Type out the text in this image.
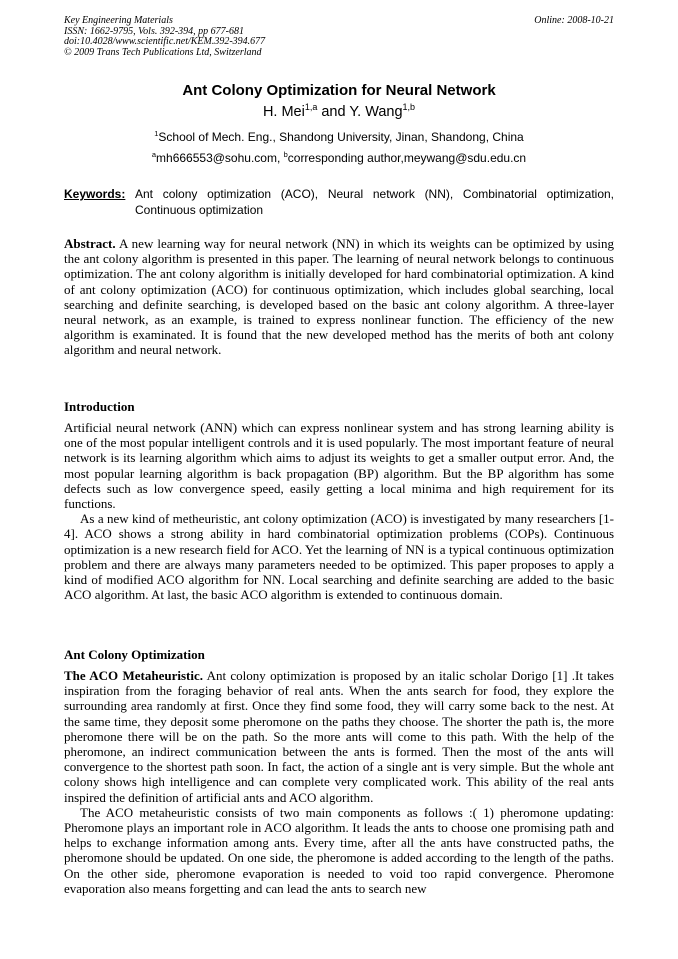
Key Engineering Materials
ISSN: 1662-9795, Vols. 392-394, pp 677-681
doi:10.4028/www.scientific.net/KEM.392-394.677
© 2009 Trans Tech Publications Ltd, Switzerland
Online: 2008-10-21
Ant Colony Optimization for Neural Network
H. Mei$^{1,a}$ and Y. Wang$^{1,b}$
$^1$School of Mech. Eng., Shandong University, Jinan, Shandong, China
$^a$mh666553@sohu.com, $^b$corresponding author,meywang@sdu.edu.cn
Keywords: Ant colony optimization (ACO), Neural network (NN), Combinatorial optimization, Continuous optimization

Abstract. A new learning way for neural network (NN) in which its weights can be optimized by using the ant colony algorithm is presented in this paper. The learning of neural network belongs to continuous optimization. The ant colony algorithm is initially developed for hard combinatorial optimization. A kind of ant colony optimization (ACO) for continuous optimization, which includes global searching, local searching and definite searching, is developed based on the basic ant colony algorithm. A three-layer neural network, as an example, is trained to express nonlinear function. The efficiency of the new algorithm is examinated. It is found that the new developed method has the merits of both ant colony algorithm and neural network.

Introduction

Artificial neural network (ANN) which can express nonlinear system and has strong learning ability is one of the most popular intelligent controls and it is used popularly. The most important feature of neural network is its learning algorithm which aims to adjust its weights to get a smaller output error. And, the most popular learning algorithm is back propagation (BP) algorithm. But the BP algorithm has some defects such as low convergence speed, easily getting a local minima and high requirement for its functions.

As a new kind of metheuristic, ant colony optimization (ACO) is investigated by many researchers [1-4]. ACO shows a strong ability in hard combinatorial optimization problems (COPs). Continuous optimization is a new research field for ACO. Yet the learning of NN is a typical continuous optimization problem and there are always many parameters needed to be optimized. This paper proposes to apply a kind of modified ACO algorithm for NN. Local searching and definite searching are added to the basic ACO algorithm. At last, the basic ACO algorithm is extended to continuous domain.

Ant Colony Optimization

The ACO Metaheuristic. Ant colony optimization is proposed by an italic scholar Dorigo [1] .It takes inspiration from the foraging behavior of real ants. When the ants search for food, they explore the surrounding area randomly at first. Once they find some food, they will carry some back to the nest. At the same time, they deposit some pheromone on the paths they choose. The shorter the path is, the more pheromone there will be on the path. So the more ants will come to this path. With the help of the pheromone, an indirect communication between the ants is formed. Then the most of the ants will convergence to the shortest path soon. In fact, the action of a single ant is very simple. But the whole ant colony shows high intelligence and can complete very complicated work. This ability of the real ants inspired the definition of artificial ants and ACO algorithm.

The ACO metaheuristic consists of two main components as follows :( 1) pheromone updating: Pheromone plays an important role in ACO algorithm. It leads the ants to choose one promising path and helps to exchange information among ants. Every time, after all the ants have constructed paths, the pheromone should be updated. On one side, the pheromone is added according to the length of the paths. On the other side, pheromone evaporation is needed to void too rapid convergence. Pheromone evaporation also means forgetting and can lead the ants to search new
